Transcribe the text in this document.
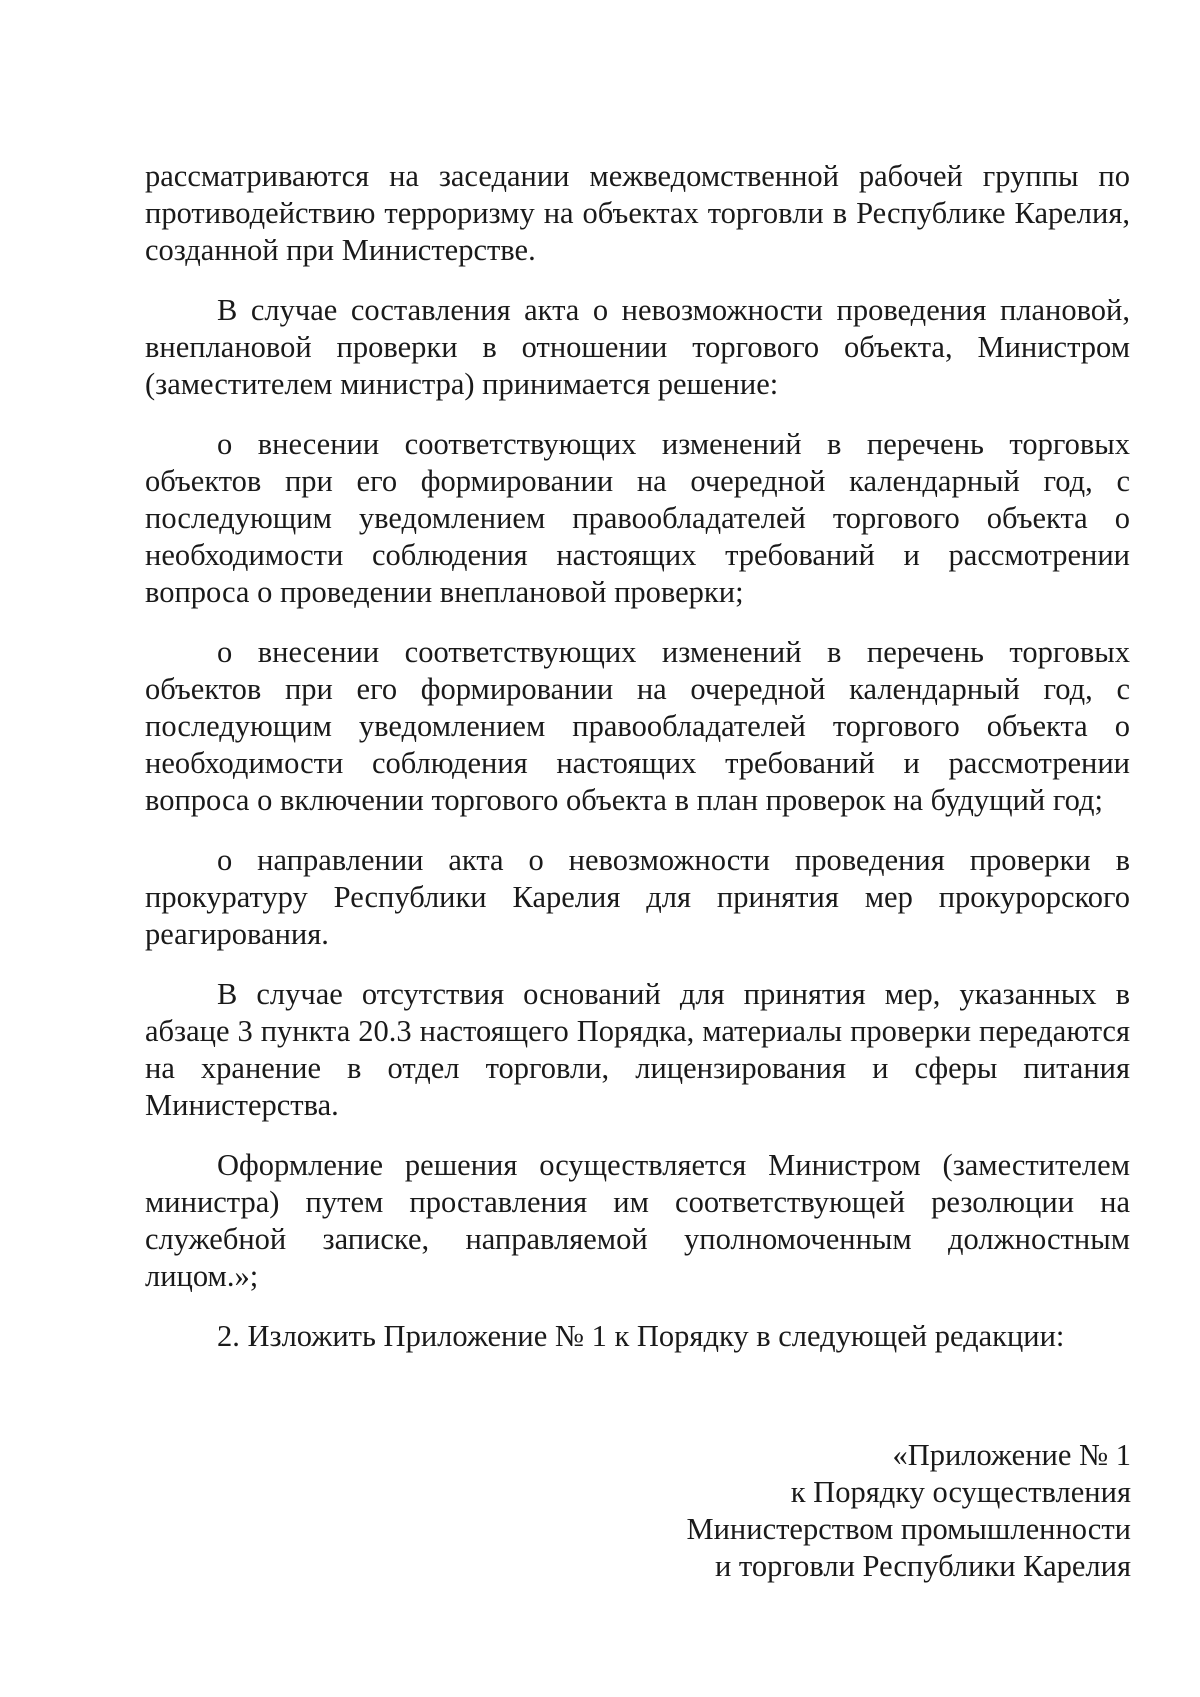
рассматриваются на заседании межведомственной рабочей группы по противодействию терроризму на объектах торговли в Республике Карелия, созданной при Министерстве.

В случае составления акта о невозможности проведения плановой, внеплановой проверки в отношении торгового объекта, Министром (заместителем министра) принимается решение:

о внесении соответствующих изменений в перечень торговых объектов при его формировании на очередной календарный год, с последующим уведомлением правообладателей торгового объекта о необходимости соблюдения настоящих требований и рассмотрении вопроса о проведении внеплановой проверки;

о внесении соответствующих изменений в перечень торговых объектов при его формировании на очередной календарный год, с последующим уведомлением правообладателей торгового объекта о необходимости соблюдения настоящих требований и рассмотрении вопроса о включении торгового объекта в план проверок на будущий год;

о направлении акта о невозможности проведения проверки в прокуратуру Республики Карелия для принятия мер прокурорского реагирования.

В случае отсутствия оснований для принятия мер, указанных в абзаце 3 пункта 20.3 настоящего Порядка, материалы проверки передаются на хранение в отдел торговли, лицензирования и сферы питания Министерства.

Оформление решения осуществляется Министром (заместителем министра) путем проставления им соответствующей резолюции на служебной записке, направляемой уполномоченным должностным лицом.»;

2. Изложить Приложение № 1 к Порядку в следующей редакции:

«Приложение № 1
к Порядку осуществления
Министерством промышленности
и торговли Республики Карелия
